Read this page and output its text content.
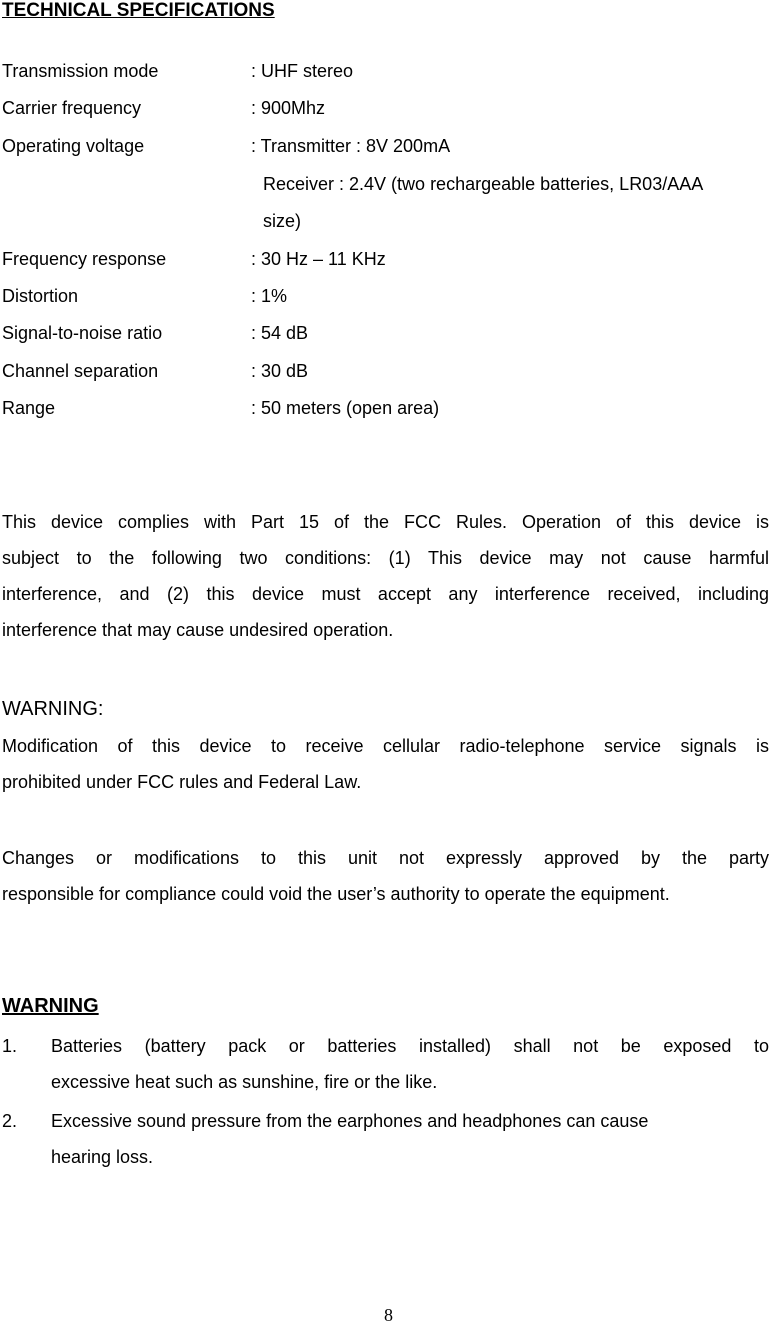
TECHNICAL SPECIFICATIONS
Transmission mode	: UHF stereo
Carrier frequency	: 900Mhz
Operating voltage	: Transmitter : 8V 200mA
Receiver : 2.4V (two rechargeable batteries, LR03/AAA
size)
Frequency response	: 30 Hz – 11 KHz
Distortion	: 1%
Signal-to-noise ratio	: 54 dB
Channel separation	: 30 dB
Range	: 50 meters (open area)
This device complies with Part 15 of the FCC Rules. Operation of this device is
subject to the following two conditions: (1) This device may not cause harmful
interference, and (2) this device must accept any interference received, including
interference that may cause undesired operation.
WARNING:
Modification of this device to receive cellular radio-telephone service signals is
prohibited under FCC rules and Federal Law.
Changes or modifications to this unit not expressly approved by the party
responsible for compliance could void the user’s authority to operate the equipment.
WARNING
1. Batteries (battery pack or batteries installed) shall not be exposed to
excessive heat such as sunshine, fire or the like.
2. Excessive sound pressure from the earphones and headphones can cause
hearing loss.
8
